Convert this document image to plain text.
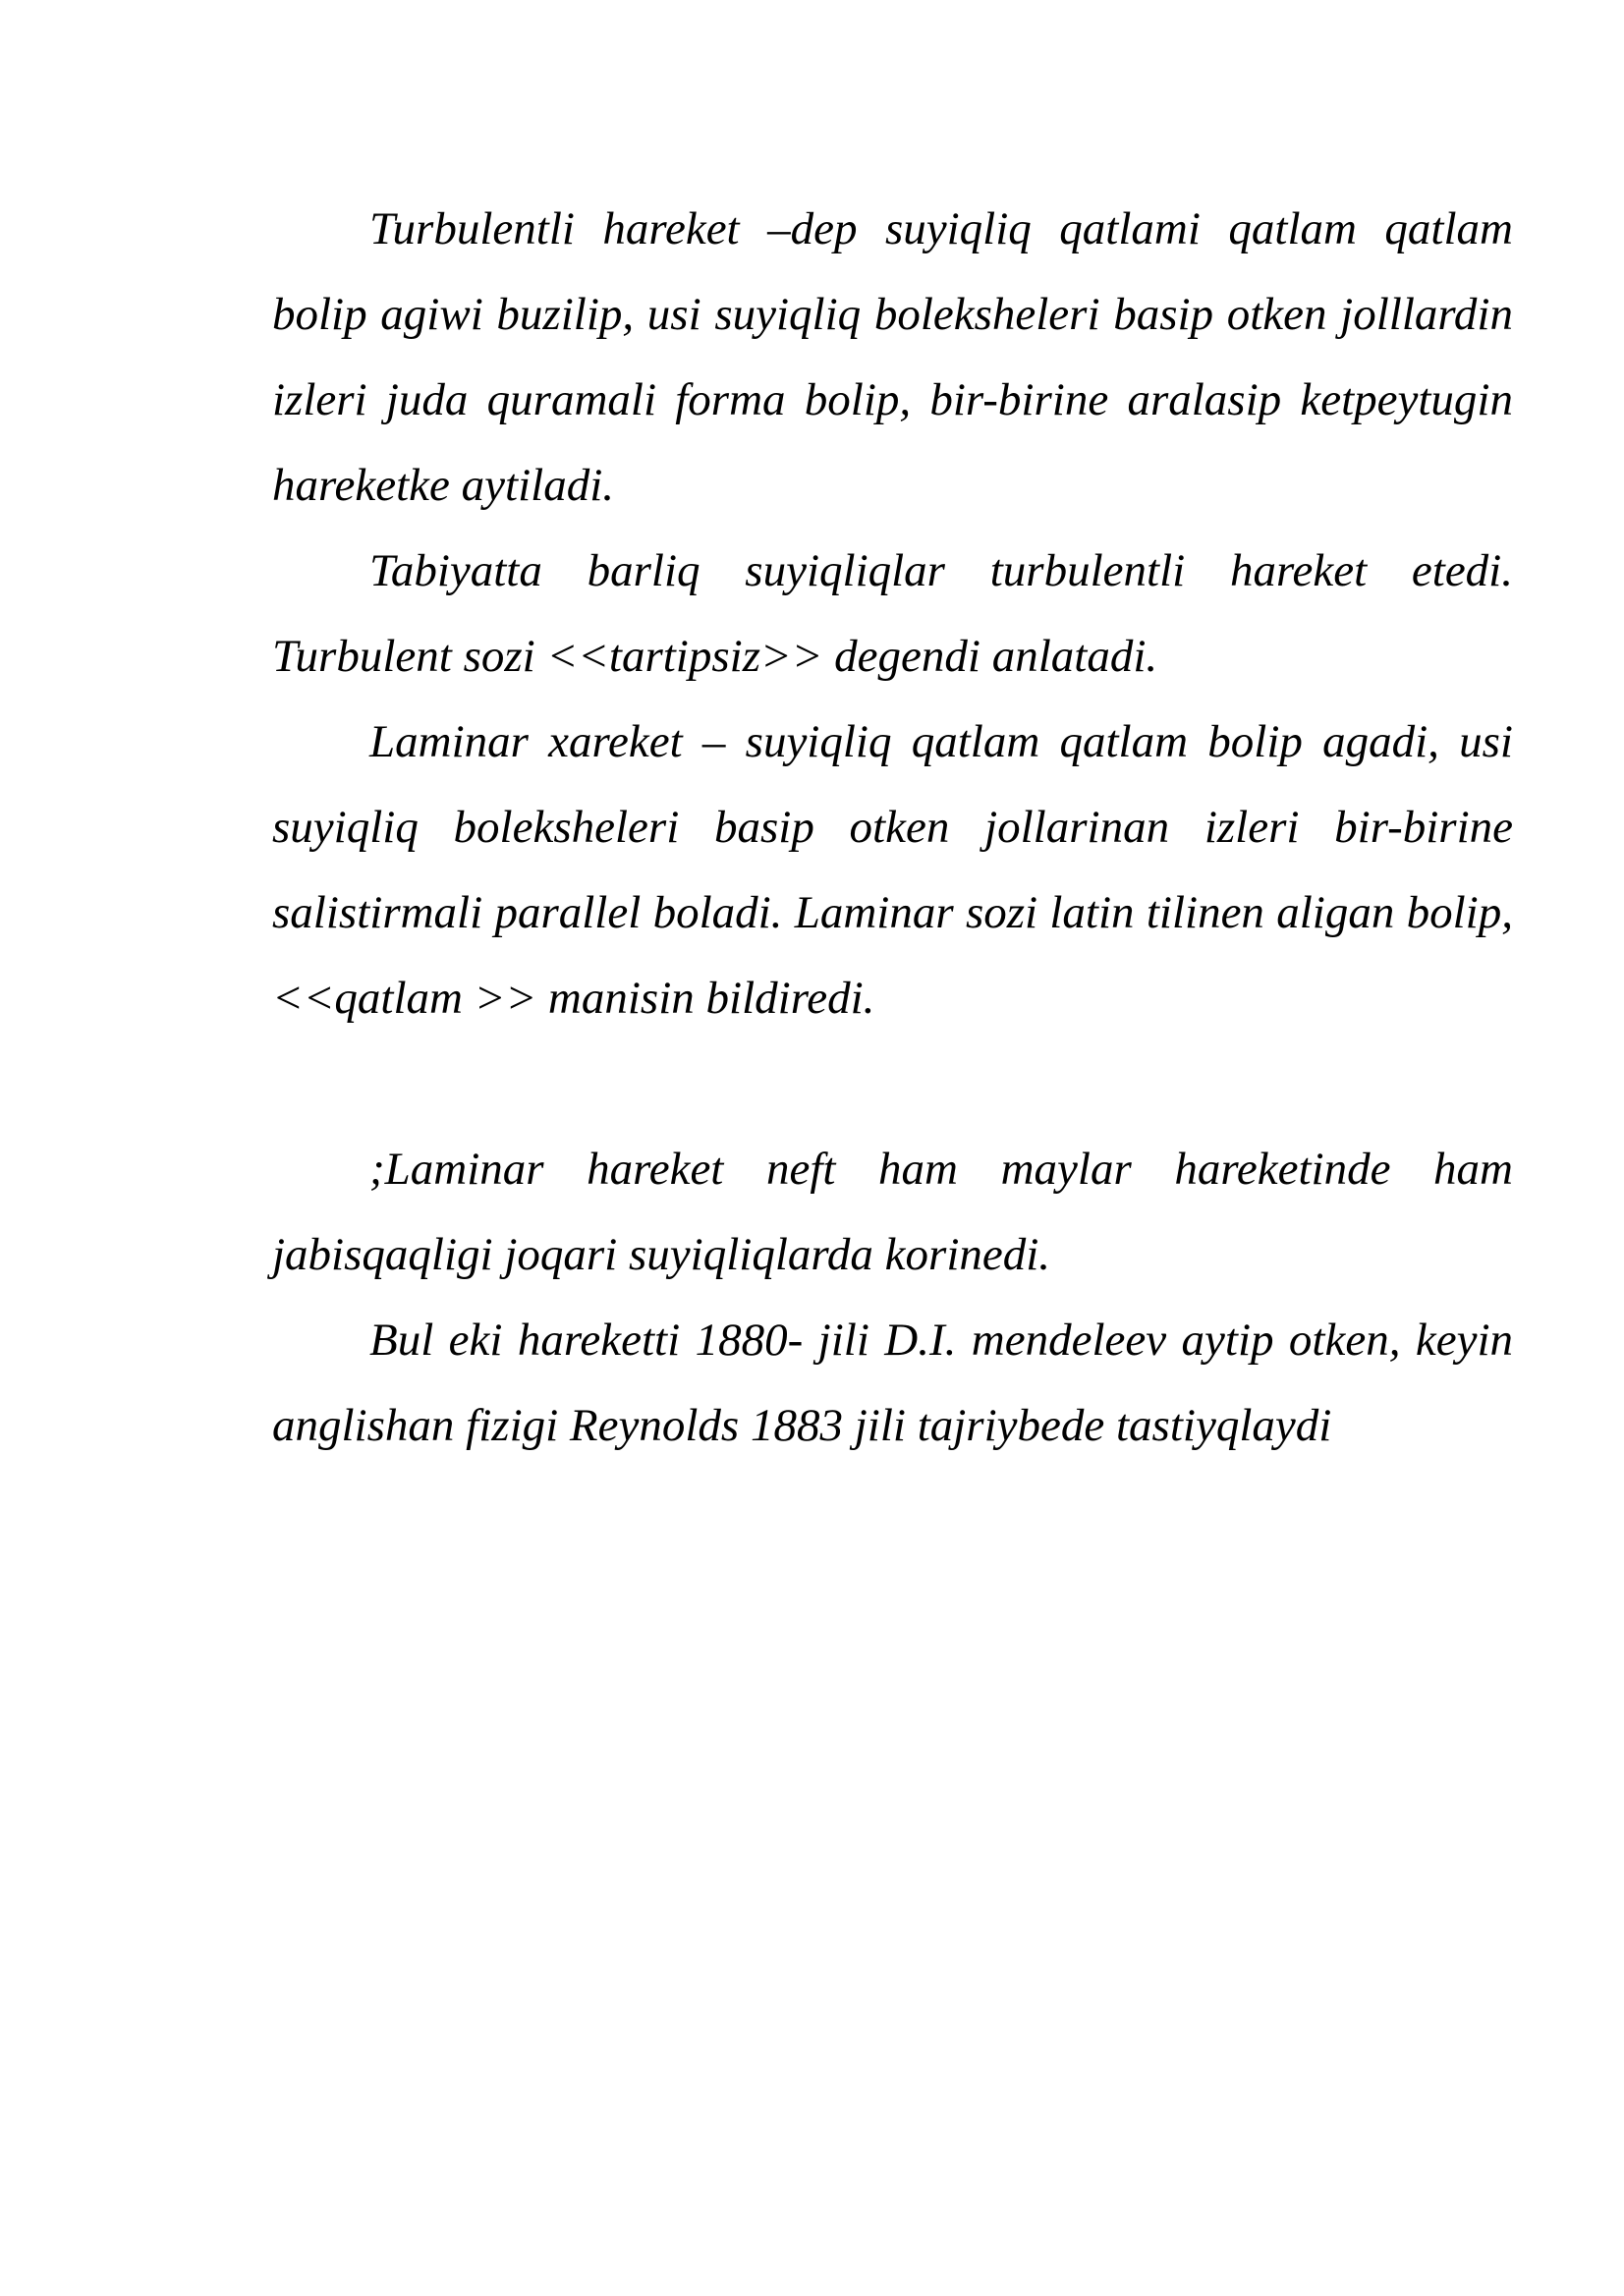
Turbulentli hareket –dep suyiqliq qatlami qatlam qatlam bolip agiwi buzilip, usi suyiqliq boleksheleri basip otken jolllardin izleri juda quramali forma bolip, bir-birine aralasip ketpeytugin hareketke aytiladi.

Tabiyatta barliq suyiqliqlar turbulentli hareket etedi. Turbulent sozi <<tartipsiz>> degendi anlatadi.

Laminar xareket – suyiqliq qatlam qatlam bolip agadi, usi suyiqliq boleksheleri basip otken jollarinan izleri bir-birine salistirmali parallel boladi. Laminar sozi latin tilinen aligan bolip, <<qatlam >> manisin bildiredi.

;Laminar hareket neft ham maylar hareketinde ham jabisqaqligi joqari suyiqliqlarda korinedi.

Bul eki hareketti 1880- jili D.I. mendeleev aytip otken, keyin anglishan fizigi Reynolds 1883 jili tajriybede tastiyqlaydi
